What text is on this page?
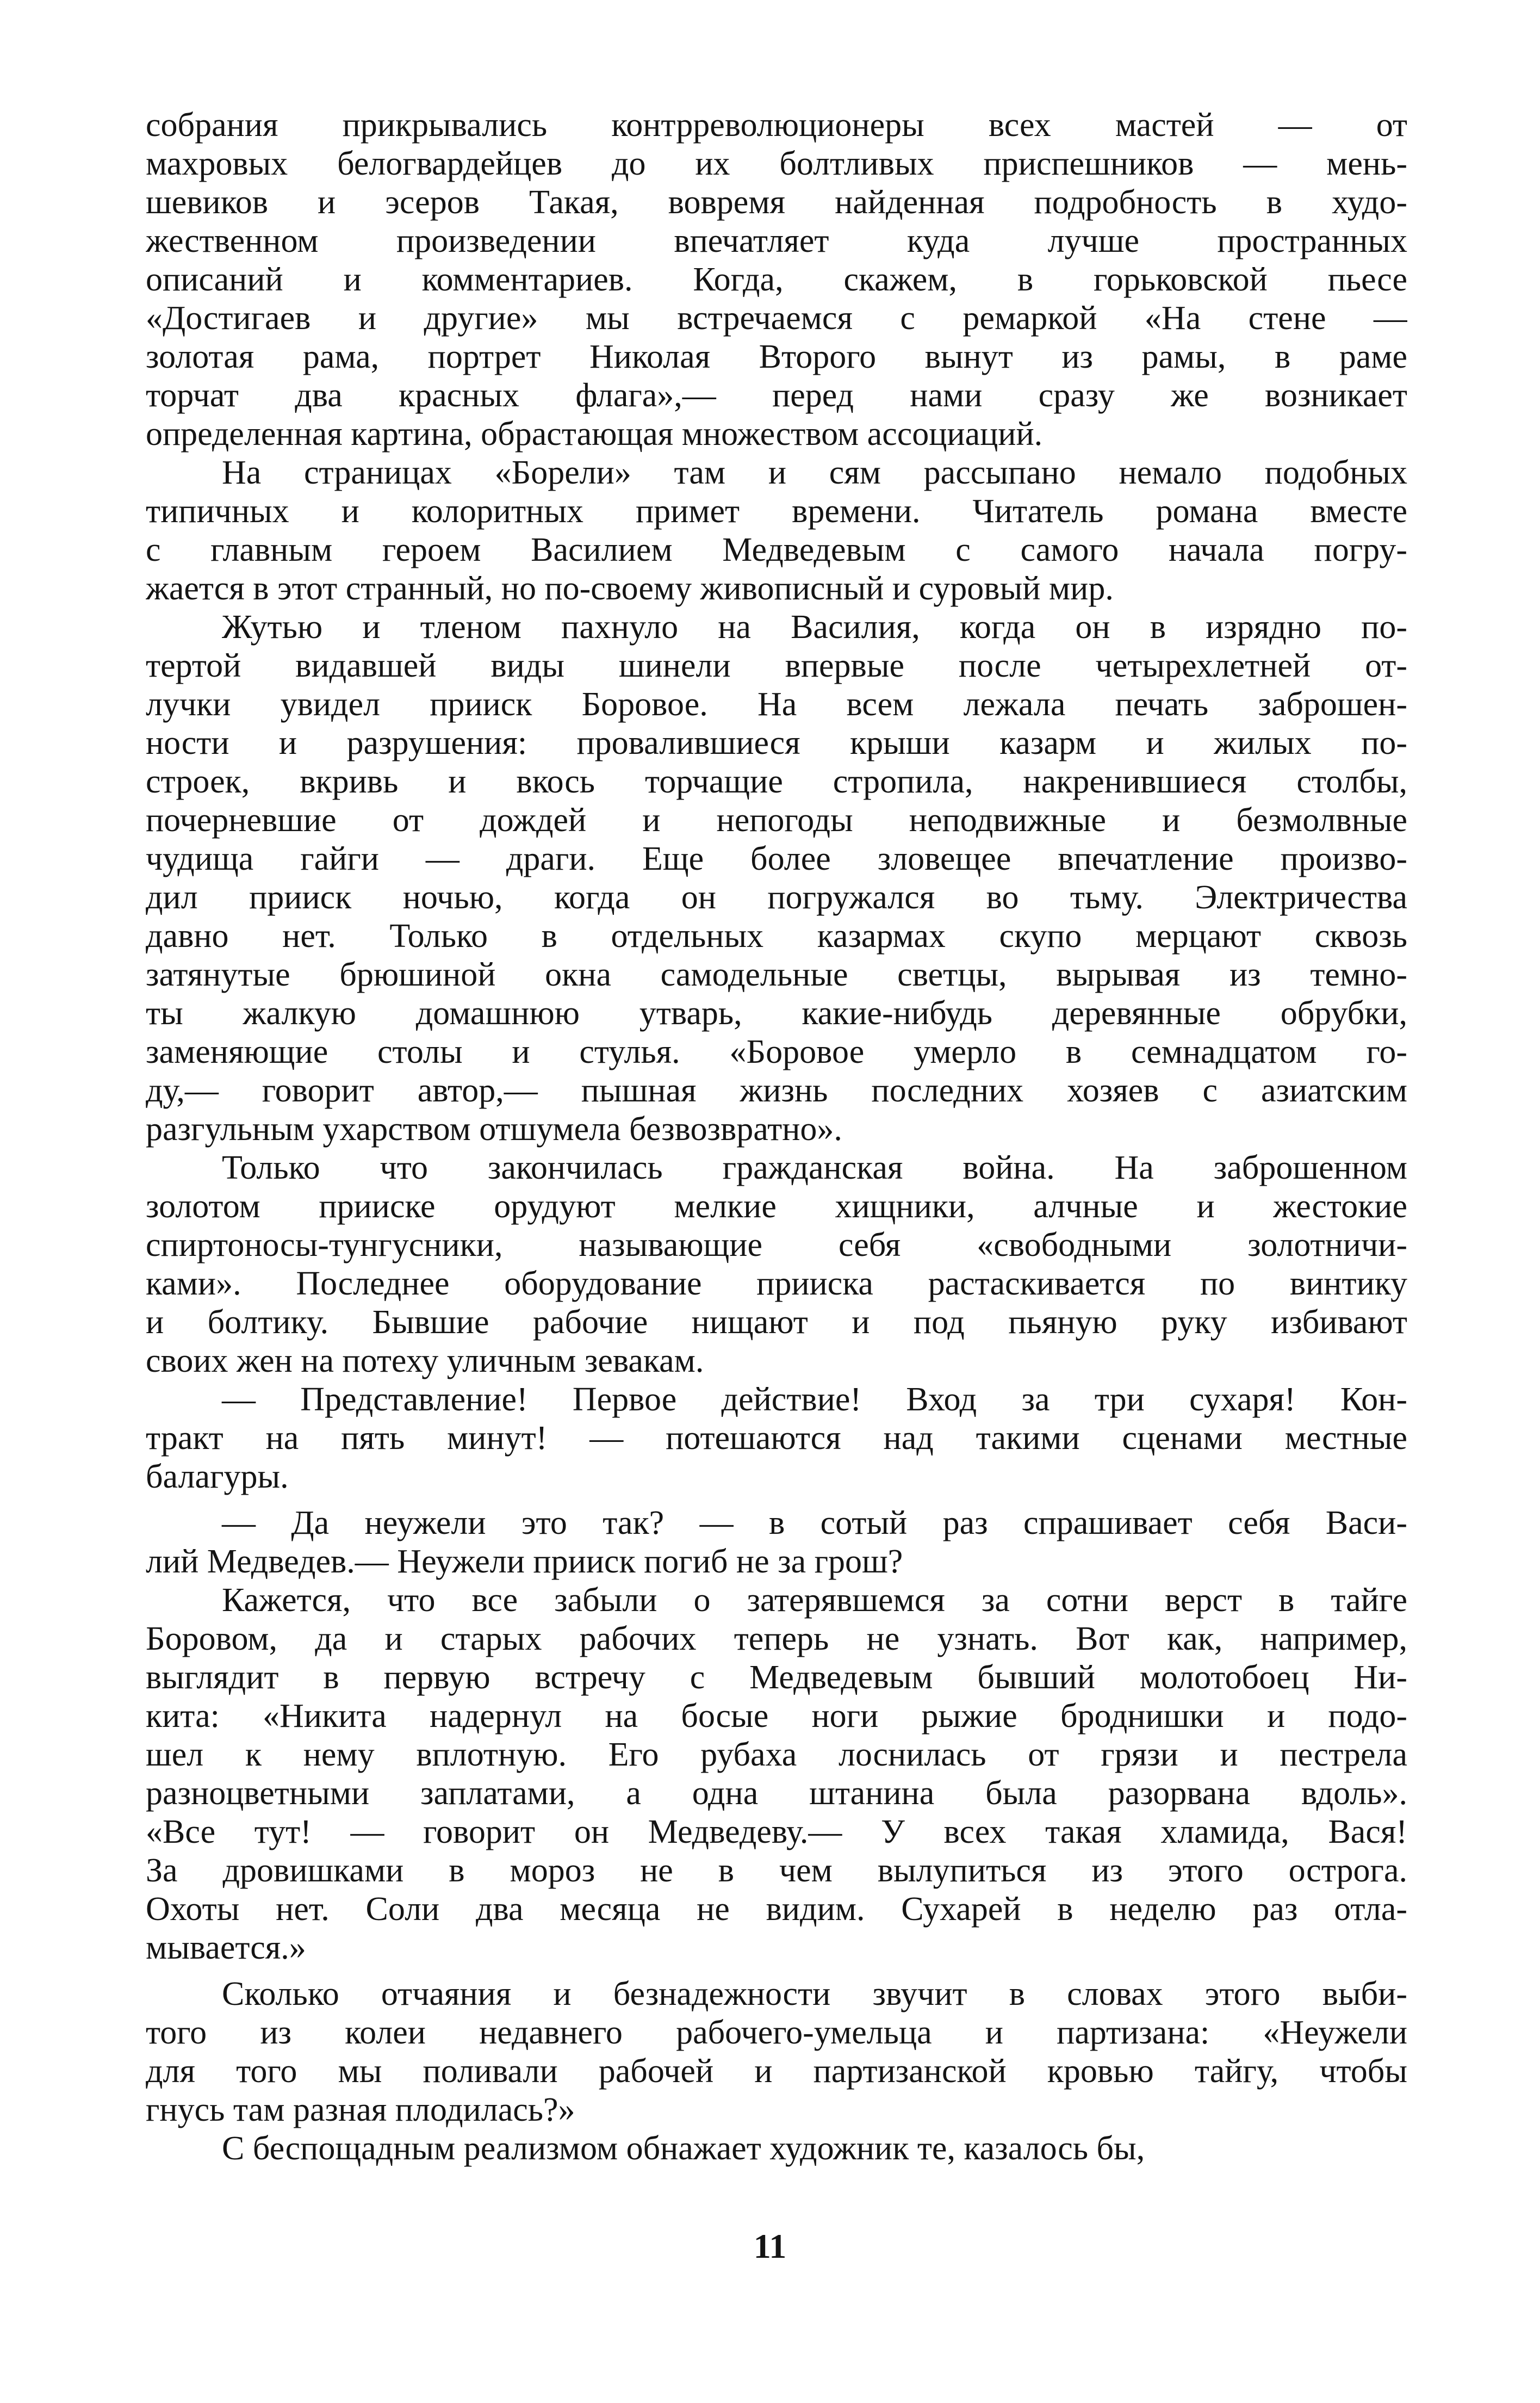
собрания прикрывались контрреволюционеры всех мастей — от
махровых белогвардейцев до их болтливых приспешников — мень-
шевиков и эсеров Такая, вовремя найденная подробность в худо-
жественном произведении впечатляет куда лучше пространных
описаний и комментариев. Когда, скажем, в горьковской пьесе
«Достигаев и другие» мы встречаемся с ремаркой «На стене —
золотая рама, портрет Николая Второго вынут из рамы, в раме
торчат два красных флага»,— перед нами сразу же возникает
определенная картина, обрастающая множеством ассоциаций.
На страницах «Борели» там и сям рассыпано немало подобных
типичных и колоритных примет времени. Читатель романа вместе
с главным героем Василием Медведевым с самого начала погру-
жается в этот странный, но по-своему живописный и суровый мир.
Жутью и тленом пахнуло на Василия, когда он в изрядно по-
тертой видавшей виды шинели впервые после четырехлетней от-
лучки увидел прииск Боровое. На всем лежала печать заброшен-
ности и разрушения: провалившиеся крыши казарм и жилых по-
строек, вкривь и вкось торчащие стропила, накренившиеся столбы,
почерневшие от дождей и непогоды неподвижные и безмолвные
чудища гайги — драги. Еще более зловещее впечатление произво-
дил прииск ночью, когда он погружался во тьму. Электричества
давно нет. Только в отдельных казармах скупо мерцают сквозь
затянутые брюшиной окна самодельные светцы, вырывая из темно-
ты жалкую домашнюю утварь, какие-нибудь деревянные обрубки,
заменяющие столы и стулья. «Боровое умерло в семнадцатом го-
ду,— говорит автор,— пышная жизнь последних хозяев с азиатским
разгульным ухарством отшумела безвозвратно».
Только что закончилась гражданская война. На заброшенном
золотом прииске орудуют мелкие хищники, алчные и жестокие
спиртоносы-тунгусники, называющие себя «свободными золотничи-
ками». Последнее оборудование прииска растаскивается по винтику
и болтику. Бывшие рабочие нищают и под пьяную руку избивают
своих жен на потеху уличным зевакам.
— Представление! Первое действие! Вход за три сухаря! Кон-
тракт на пять минут! — потешаются над такими сценами местные
балагуры.
— Да неужели это так? — в сотый раз спрашивает себя Васи-
лий Медведев.— Неужели прииск погиб не за грош?
Кажется, что все забыли о затерявшемся за сотни верст в тайге
Боровом, да и старых рабочих теперь не узнать. Вот как, например,
выглядит в первую встречу с Медведевым бывший молотобоец Ни-
кита: «Никита надернул на босые ноги рыжие броднишки и подо-
шел к нему вплотную. Его рубаха лоснилась от грязи и пестрела
разноцветными заплатами, а одна штанина была разорвана вдоль».
«Все тут! — говорит он Медведеву.— У всех такая хламида, Вася!
За дровишками в мороз не в чем вылупиться из этого острога.
Охоты нет. Соли два месяца не видим. Сухарей в неделю раз отла-
мывается.»
Сколько отчаяния и безнадежности звучит в словах этого выби-
того из колеи недавнего рабочего-умельца и партизана: «Неужели
для того мы поливали рабочей и партизанской кровью тайгу, чтобы
гнусь там разная плодилась?»
С беспощадным реализмом обнажает художник те, казалось бы,
11
